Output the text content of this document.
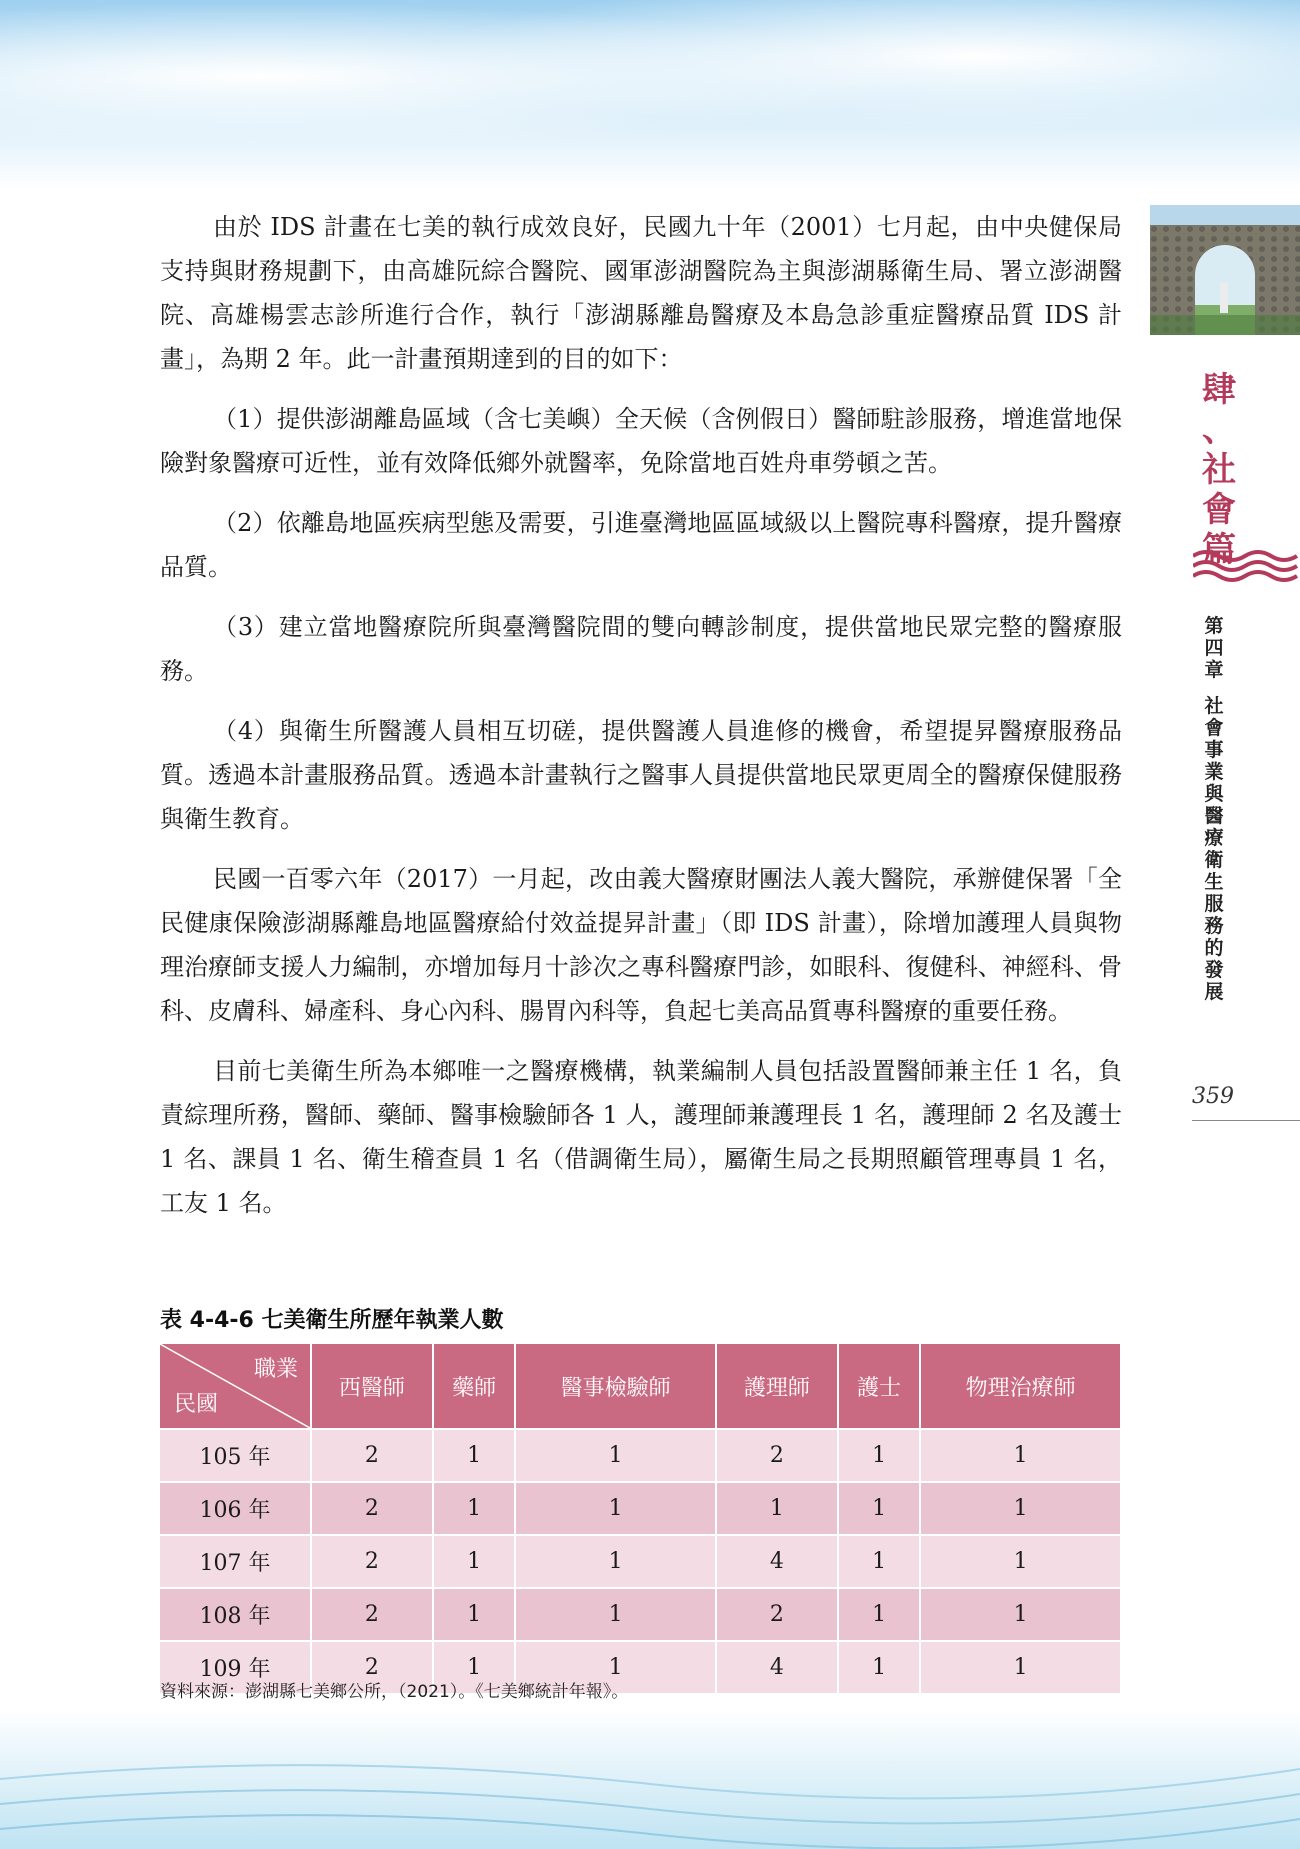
肆
、
社
會
篇
第
四
章
社
會
事
業
與
醫
療
衛
生
服
務
的
發
展
359

由於 IDS 計畫在七美的執行成效良好，民國九十年（2001）七月起，由中央健保局支持與財務規劃下，由高雄阮綜合醫院、國軍澎湖醫院為主與澎湖縣衛生局、署立澎湖醫院、高雄楊雲志診所進行合作，執行「澎湖縣離島醫療及本島急診重症醫療品質 IDS 計畫」，為期 2 年。此一計畫預期達到的目的如下：

（1）提供澎湖離島區域（含七美嶼）全天候（含例假日）醫師駐診服務，增進當地保險對象醫療可近性，並有效降低鄉外就醫率，免除當地百姓舟車勞頓之苦。

（2）依離島地區疾病型態及需要，引進臺灣地區區域級以上醫院專科醫療，提升醫療品質。

（3）建立當地醫療院所與臺灣醫院間的雙向轉診制度，提供當地民眾完整的醫療服務。

（4）與衛生所醫護人員相互切磋，提供醫護人員進修的機會，希望提昇醫療服務品質。透過本計畫服務品質。透過本計畫執行之醫事人員提供當地民眾更周全的醫療保健服務與衛生教育。

民國一百零六年（2017）一月起，改由義大醫療財團法人義大醫院，承辦健保署「全民健康保險澎湖縣離島地區醫療給付效益提昇計畫」（即 IDS 計畫），除增加護理人員與物理治療師支援人力編制，亦增加每月十診次之專科醫療門診，如眼科、復健科、神經科、骨科、皮膚科、婦產科、身心內科、腸胃內科等，負起七美高品質專科醫療的重要任務。

目前七美衛生所為本鄉唯一之醫療機構，執業編制人員包括設置醫師兼主任 1 名，負責綜理所務，醫師、藥師、醫事檢驗師各 1 人，護理師兼護理長 1 名，護理師 2 名及護士 1 名、課員 1 名、衛生稽查員 1 名（借調衛生局），屬衛生局之長期照顧管理專員 1 名，工友 1 名。

表 4-4-6 七美衛生所歷年執業人數
職業
民國	西醫師	藥師	醫事檢驗師	護理師	護士	物理治療師
105 年	2	1	1	2	1	1
106 年	2	1	1	1	1	1
107 年	2	1	1	4	1	1
108 年	2	1	1	2	1	1
109 年	2	1	1	4	1	1
資料來源：澎湖縣七美鄉公所，（2021）。《七美鄉統計年報》。
